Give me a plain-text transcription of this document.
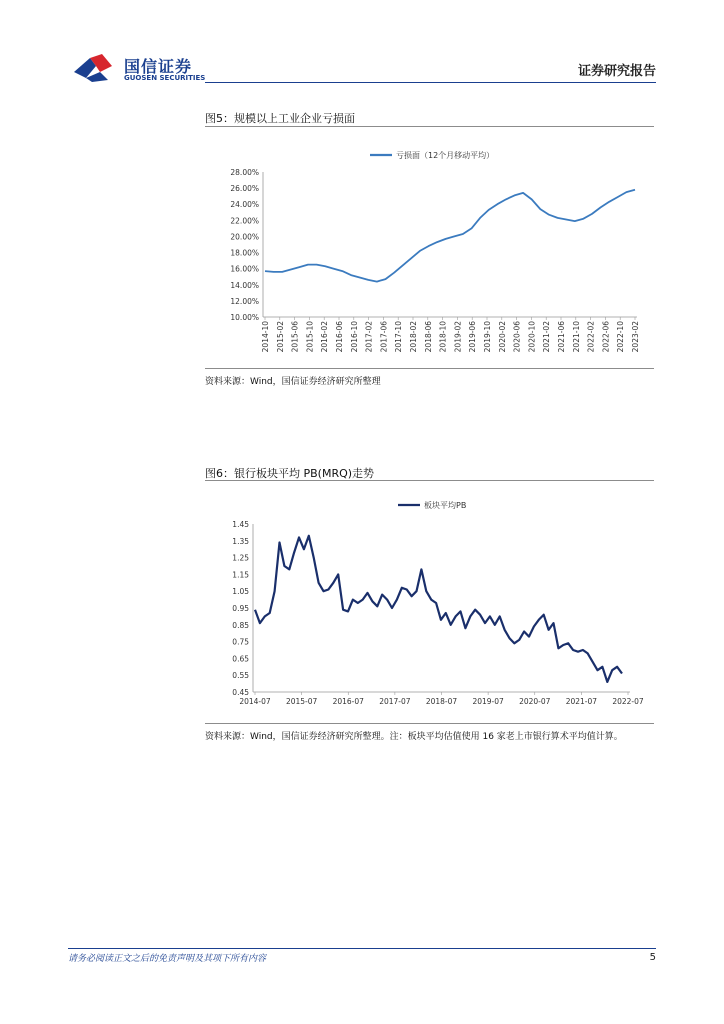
国信证券
GUOSEN SECURITIES	证券研究报告
图5：规模以上工业企业亏损面
10.00%
12.00%
14.00%
16.00%
18.00%
20.00%
22.00%
24.00%
26.00%
28.00%
2014-10 2015-02 2015-06 2015-10 2016-02 2016-06 2016-10 2017-02 2017-06 2017-10 2018-02 2018-06 2018-10 2019-02 2019-06 2019-10 2020-02 2020-06 2020-10 2021-02 2021-06 2021-10 2022-02 2022-06 2022-10 2023-02
亏损面（12个月移动平均）
资料来源：Wind，国信证券经济研究所整理
图6：银行板块平均 PB(MRQ)走势
0.45
0.55
0.65
0.75
0.85
0.95
1.05
1.15
1.25
1.35
1.45
2014-07 2015-07 2016-07 2017-07 2018-07 2019-07 2020-07 2021-07 2022-07
板块平均PB
资料来源：Wind，国信证券经济研究所整理。注：板块平均估值使用 16 家老上市银行算术平均值计算。
请务必阅读正文之后的免责声明及其项下所有内容	5
